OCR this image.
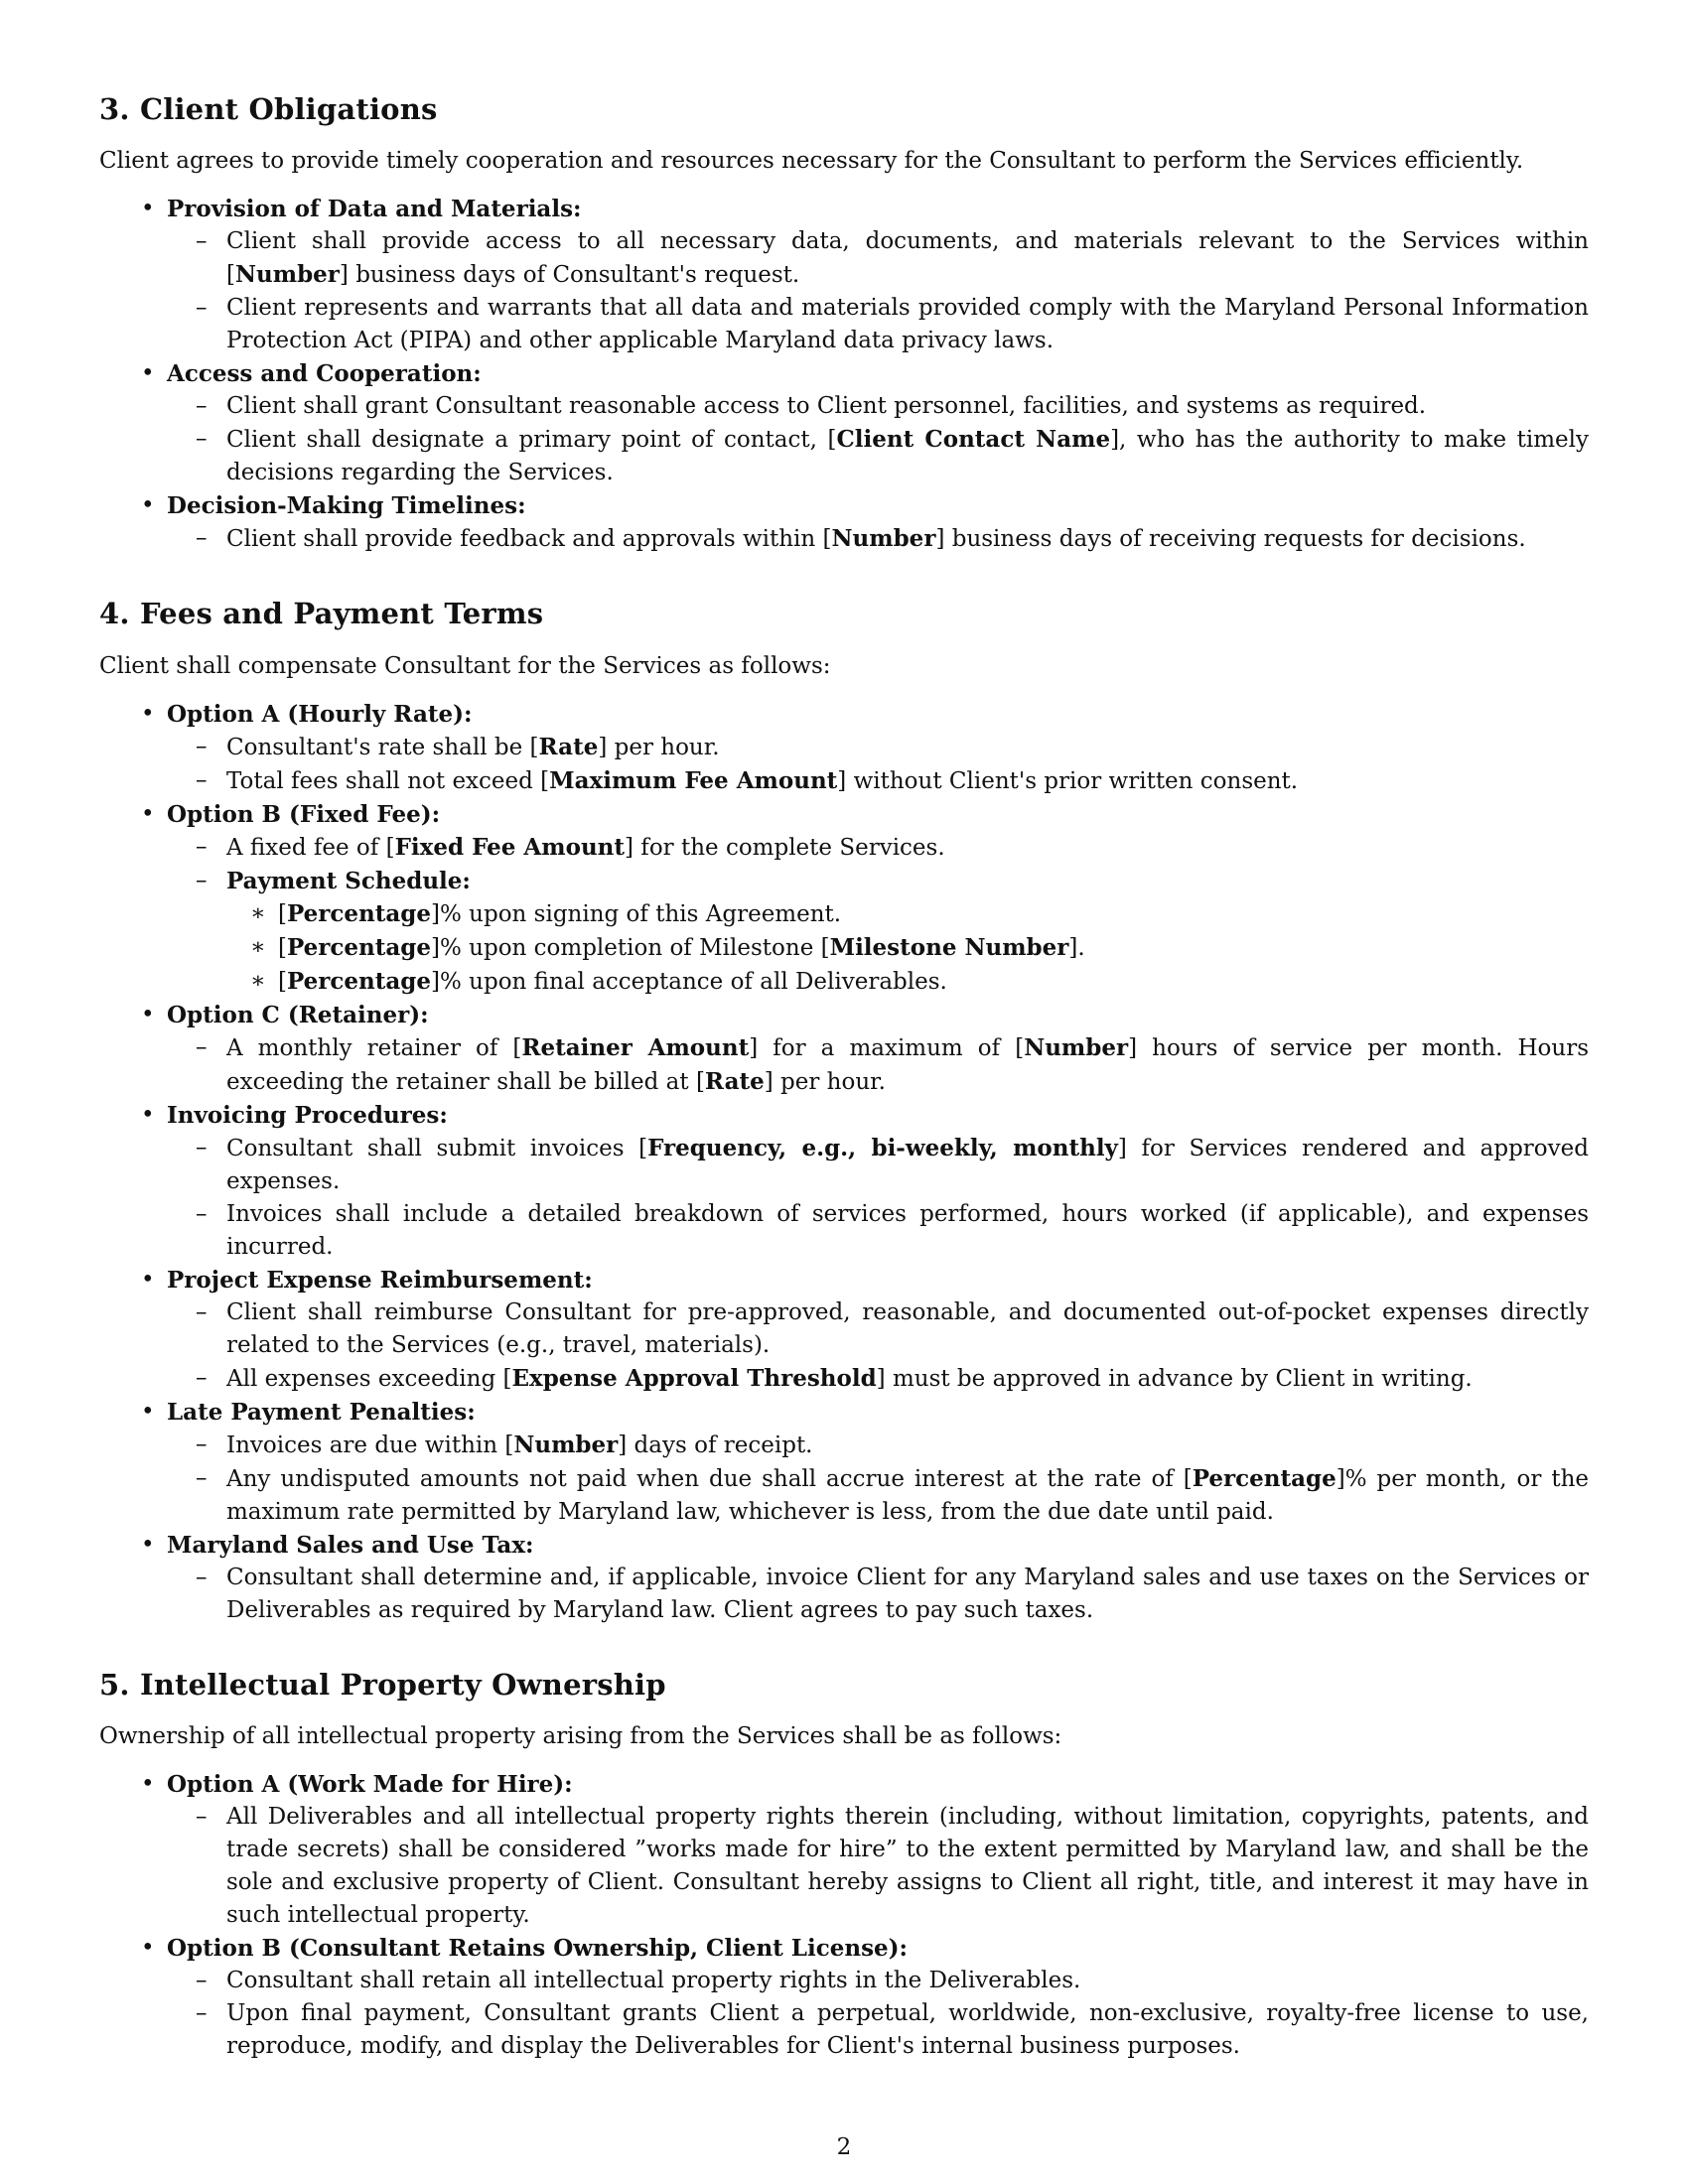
3. Client Obligations

Client agrees to provide timely cooperation and resources necessary for the Consultant to perform the Services efficiently.

• Provision of Data and Materials:
– Client shall provide access to all necessary data, documents, and materials relevant to the Services within [Number] business days of Consultant's request.
– Client represents and warrants that all data and materials provided comply with the Maryland Personal Information Protection Act (PIPA) and other applicable Maryland data privacy laws.
• Access and Cooperation:
– Client shall grant Consultant reasonable access to Client personnel, facilities, and systems as required.
– Client shall designate a primary point of contact, [Client Contact Name], who has the authority to make timely decisions regarding the Services.
• Decision-Making Timelines:
– Client shall provide feedback and approvals within [Number] business days of receiving requests for decisions.
4. Fees and Payment Terms

Client shall compensate Consultant for the Services as follows:

• Option A (Hourly Rate):
– Consultant's rate shall be [Rate] per hour.
– Total fees shall not exceed [Maximum Fee Amount] without Client's prior written consent.
• Option B (Fixed Fee):
– A fixed fee of [Fixed Fee Amount] for the complete Services.
– Payment Schedule:
∗ [Percentage]% upon signing of this Agreement.
∗ [Percentage]% upon completion of Milestone [Milestone Number].
∗ [Percentage]% upon final acceptance of all Deliverables.
• Option C (Retainer):
– A monthly retainer of [Retainer Amount] for a maximum of [Number] hours of service per month. Hours exceeding the retainer shall be billed at [Rate] per hour.
• Invoicing Procedures:
– Consultant shall submit invoices [Frequency, e.g., bi-weekly, monthly] for Services rendered and approved expenses.
– Invoices shall include a detailed breakdown of services performed, hours worked (if applicable), and expenses incurred.
• Project Expense Reimbursement:
– Client shall reimburse Consultant for pre-approved, reasonable, and documented out-of-pocket expenses directly related to the Services (e.g., travel, materials).
– All expenses exceeding [Expense Approval Threshold] must be approved in advance by Client in writing.
• Late Payment Penalties:
– Invoices are due within [Number] days of receipt.
– Any undisputed amounts not paid when due shall accrue interest at the rate of [Percentage]% per month, or the maximum rate permitted by Maryland law, whichever is less, from the due date until paid.
• Maryland Sales and Use Tax:
– Consultant shall determine and, if applicable, invoice Client for any Maryland sales and use taxes on the Services or Deliverables as required by Maryland law. Client agrees to pay such taxes.
5. Intellectual Property Ownership

Ownership of all intellectual property arising from the Services shall be as follows:

• Option A (Work Made for Hire):
– All Deliverables and all intellectual property rights therein (including, without limitation, copyrights, patents, and trade secrets) shall be considered ”works made for hire” to the extent permitted by Maryland law, and shall be the sole and exclusive property of Client. Consultant hereby assigns to Client all right, title, and interest it may have in such intellectual property.
• Option B (Consultant Retains Ownership, Client License):
– Consultant shall retain all intellectual property rights in the Deliverables.
– Upon final payment, Consultant grants Client a perpetual, worldwide, non-exclusive, royalty-free license to use, reproduce, modify, and display the Deliverables for Client's internal business purposes.
2
